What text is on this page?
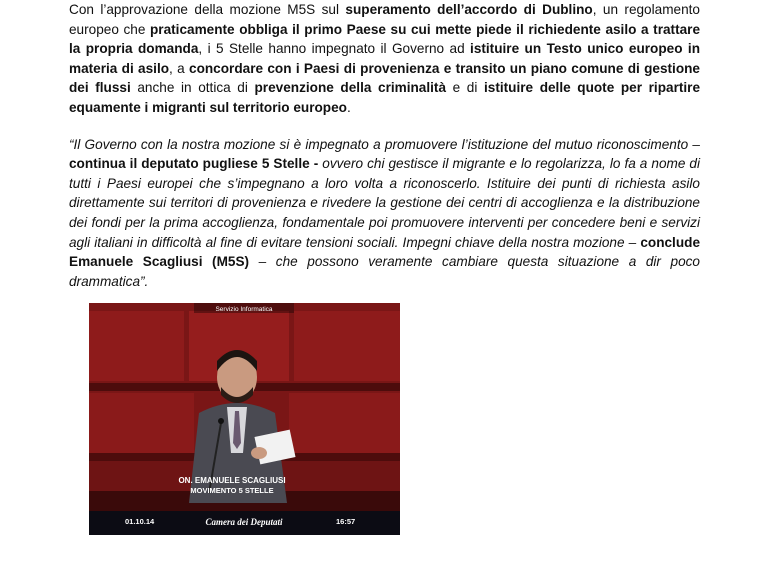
Con l’approvazione della mozione M5S sul superamento dell’accordo di Dublino, un regolamento europeo che praticamente obbliga il primo Paese su cui mette piede il richiedente asilo a trattare la propria domanda, i 5 Stelle hanno impegnato il Governo ad istituire un Testo unico europeo in materia di asilo, a concordare con i Paesi di provenienza e transito un piano comune di gestione dei flussi anche in ottica di prevenzione della criminalità e di istituire delle quote per ripartire equamente i migranti sul territorio europeo.

“Il Governo con la nostra mozione si è impegnato a promuovere l’istituzione del mutuo riconoscimento – continua il deputato pugliese 5 Stelle - ovvero chi gestisce il migrante e lo regolarizza, lo fa a nome di tutti i Paesi europei che s’impegnano a loro volta a riconoscerlo. Istituire dei punti di richiesta asilo direttamente sui territori di provenienza e rivedere la gestione dei centri di accoglienza e la distribuzione dei fondi per la prima accoglienza, fondamentale poi promuovere interventi per concedere beni e servizi agli italiani in difficoltà al fine di evitare tensioni sociali. Impegni chiave della nostra mozione – conclude Emanuele Scagliusi (M5S) – che possono veramente cambiare questa situazione a dir poco drammatica”.

Servizio Informatica
ON. EMANUELE SCAGLIUSI
MOVIMENTO 5 STELLE
01.10.14	Camera dei Deputati	16:57
